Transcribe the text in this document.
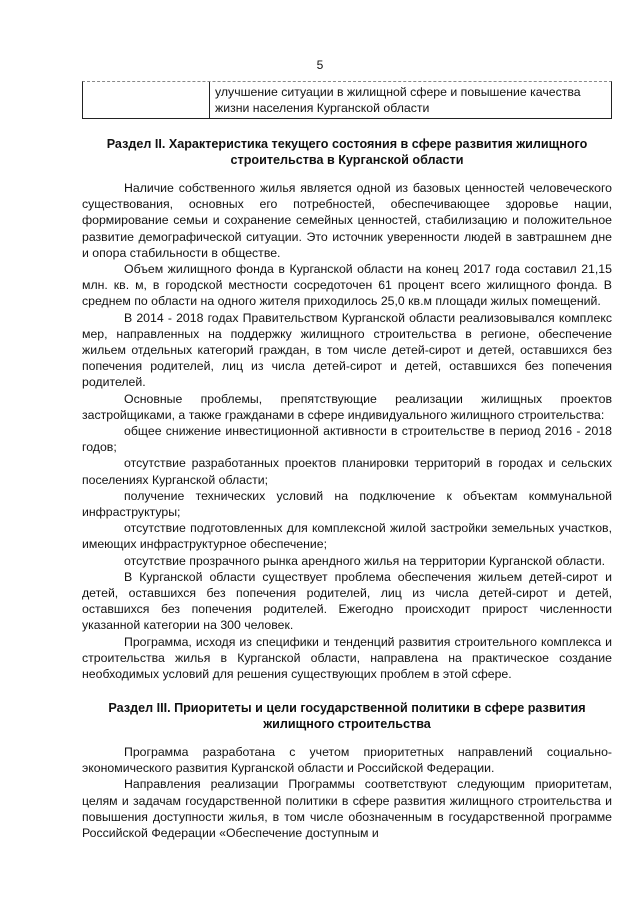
5
улучшение ситуации в жилищной сфере и повышение качества жизни населения Курганской области
Раздел II. Характеристика текущего состояния в сфере развития жилищного строительства в Курганской области

Наличие собственного жилья является одной из базовых ценностей человеческого существования, основных его потребностей, обеспечивающее здоровье нации, формирование семьи и сохранение семейных ценностей, стабилизацию и положительное развитие демографической ситуации. Это источник уверенности людей в завтрашнем дне и опора стабильности в обществе.

Объем жилищного фонда в Курганской области на конец 2017 года составил 21,15 млн. кв. м, в городской местности сосредоточен 61 процент всего жилищного фонда. В среднем по области на одного жителя приходилось 25,0 кв.м площади жилых помещений.

В 2014 - 2018 годах Правительством Курганской области реализовывался комплекс мер, направленных на поддержку жилищного строительства в регионе, обеспечение жильем отдельных категорий граждан, в том числе детей-сирот и детей, оставшихся без попечения родителей, лиц из числа детей-сирот и детей, оставшихся без попечения родителей.

Основные проблемы, препятствующие реализации жилищных проектов застройщиками, а также гражданами в сфере индивидуального жилищного строительства:

общее снижение инвестиционной активности в строительстве в период 2016 - 2018 годов;

отсутствие разработанных проектов планировки территорий в городах и сельских поселениях Курганской области;

получение технических условий на подключение к объектам коммунальной инфраструктуры;

отсутствие подготовленных для комплексной жилой застройки земельных участков, имеющих инфраструктурное обеспечение;

отсутствие прозрачного рынка арендного жилья на территории Курганской области.

В Курганской области существует проблема обеспечения жильем детей-сирот и детей, оставшихся без попечения родителей, лиц из числа детей-сирот и детей, оставшихся без попечения родителей. Ежегодно происходит прирост численности указанной категории на 300 человек.

Программа, исходя из специфики и тенденций развития строительного комплекса и строительства жилья в Курганской области, направлена на практическое создание необходимых условий для решения существующих проблем в этой сфере.

Раздел III. Приоритеты и цели государственной политики в сфере развития жилищного строительства

Программа разработана с учетом приоритетных направлений социально-экономического развития Курганской области и Российской Федерации.

Направления реализации Программы соответствуют следующим приоритетам, целям и задачам государственной политики в сфере развития жилищного строительства и повышения доступности жилья, в том числе обозначенным в государственной программе Российской Федерации «Обеспечение доступным и
